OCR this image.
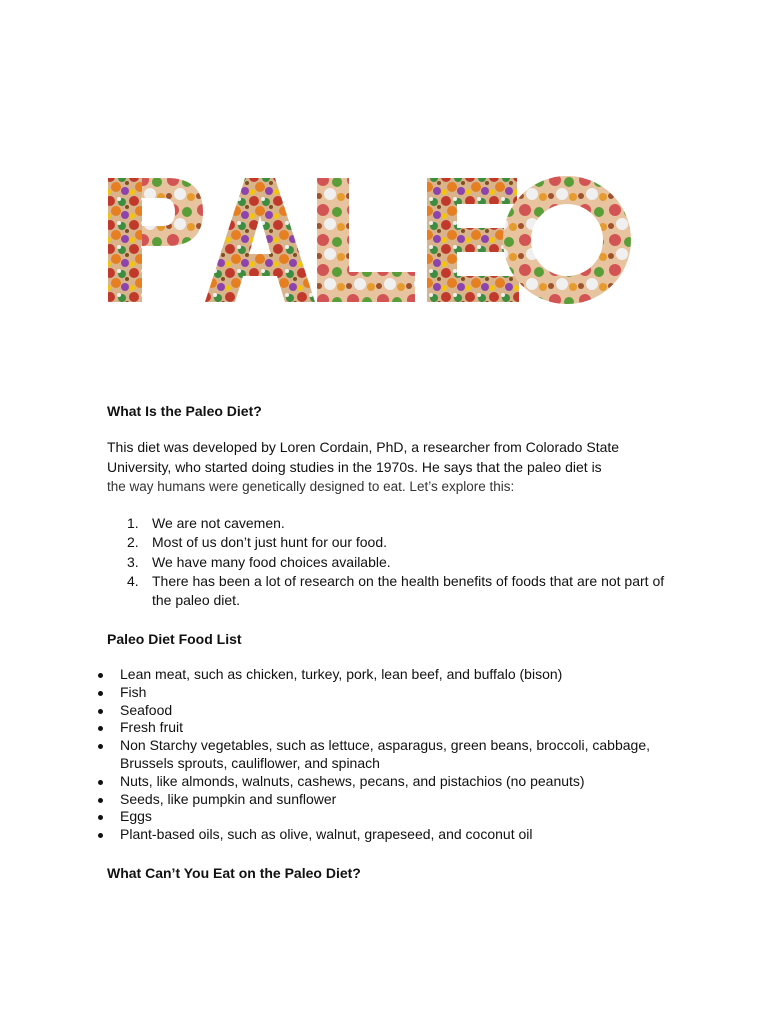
What Is the Paleo Diet?

This diet was developed by Loren Cordain, PhD, a researcher from Colorado State
University, who started doing studies in the 1970s. He says that the paleo diet is
the way humans were genetically designed to eat. Let’s explore this:

1. We are not cavemen.
2. Most of us don’t just hunt for our food.
3. We have many food choices available.
4. There has been a lot of research on the health benefits of foods that are not part of the paleo diet.
Paleo Diet Food List
Lean meat, such as chicken, turkey, pork, lean beef, and buffalo (bison)
Fish
Seafood
Fresh fruit
Non Starchy vegetables, such as lettuce, asparagus, green beans, broccoli, cabbage, Brussels sprouts, cauliflower, and spinach
Nuts, like almonds, walnuts, cashews, pecans, and pistachios (no peanuts)
Seeds, like pumpkin and sunflower
Eggs
Plant-based oils, such as olive, walnut, grapeseed, and coconut oil
What Can’t You Eat on the Paleo Diet?
